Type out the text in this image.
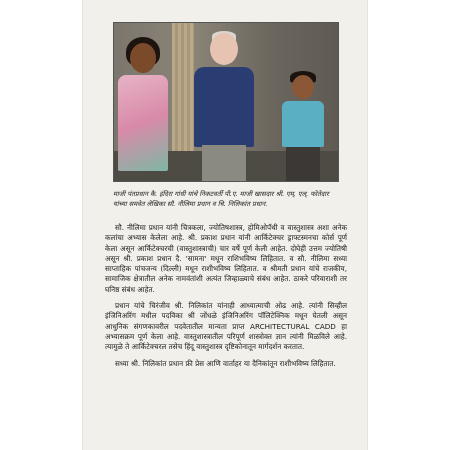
माजी पंतप्रधान कै. इंदिरा गांधी यांचे निकटवर्ती पी.ए. माजी खासदार श्री. एम्. एल्. फोतेदार यांच्या समवेत लेखिका सौ. नीलिमा प्रधान व चि. निलिकांत प्रधान.

सौ. नीलिमा प्रधान यांनी चित्रकला, ज्योतिषशास्त्र, होमिओपॅथी व वास्तुशास्त्र अशा अनेक कलांचा अभ्यास केलेला आहे. श्री. प्रकाश प्रधान यांनी आर्किटेक्चर ड्राफ्टस्मनचा कोर्स पूर्ण केला असून आर्किटेक्चरची (वास्तुशास्त्राची) चार वर्षे पूर्ण केली आहेत. दोघेही उत्तम ज्योतिषी असून श्री. प्रकाश प्रधान दै. 'सामना' मधून राशिभविष्य लिहितात. व सौ. नीलिमा सध्या साप्ताहिक पांचजन्य (दिल्ली) मधून राशीभविष्य लिहितात. व श्रीमती प्रधान यांचे राजकीय, सामाजिक क्षेत्रातील अनेक नामवंतांशी अत्यंत जिव्हाळ्याचे संबंध आहेत. ठाकरे परिवाराशी तर घनिष्ठ संबंध आहेत.

प्रधान यांचे चिरंजीव श्री. निलिकांत यांनाही आध्यात्माची ओढ आहे. त्यांनी सिव्हील इंजिनिअरिंग मधील पदविका श्री जोंधळे इंजिनिअरिंग पॉलिटेक्निक मधून घेतली असून आधुनिक संगणकावरील पदवेतातील मान्यता प्राप्त ARCHITECTURAL CADD हा अभ्यासक्रम पूर्ण केला आहे. वास्तुशास्त्रातील परिपूर्ण शास्त्रोक्त ज्ञान त्यांनी मिळविले आहे. त्यामुळे ते आर्किटेक्चरल तसेच हिंदू वास्तुशास्त्र दृष्टिकोनातून मार्गदर्शन करतात.

सध्या श्री. निलिकांत प्रधान फ्री प्रेस आणि वार्ताहर या दैनिकांतून राशीभविष्य लिहितात.
